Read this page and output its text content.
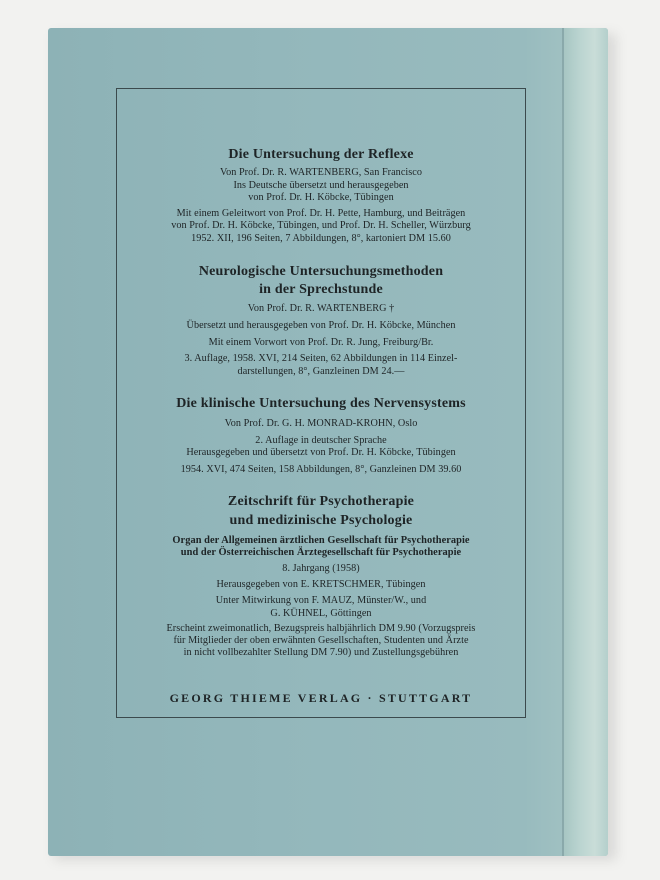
Die Untersuchung der Reflexe
Von Prof. Dr. R. WARTENBERG, San Francisco
Ins Deutsche übersetzt und herausgegeben
von Prof. Dr. H. Köbcke, Tübingen
Mit einem Geleitwort von Prof. Dr. H. Pette, Hamburg, und Beiträgen
von Prof. Dr. H. Köbcke, Tübingen, und Prof. Dr. H. Scheller, Würzburg
1952. XII, 196 Seiten, 7 Abbildungen, 8°, kartoniert DM 15.60
Neurologische Untersuchungsmethoden
in der Sprechstunde
Von Prof. Dr. R. WARTENBERG †
Übersetzt und herausgegeben von Prof. Dr. H. Köbcke, München
Mit einem Vorwort von Prof. Dr. R. Jung, Freiburg/Br.
3. Auflage, 1958. XVI, 214 Seiten, 62 Abbildungen in 114 Einzel-
darstellungen, 8°, Ganzleinen DM 24.—
Die klinische Untersuchung des Nervensystems
Von Prof. Dr. G. H. MONRAD-KROHN, Oslo
2. Auflage in deutscher Sprache
Herausgegeben und übersetzt von Prof. Dr. H. Köbcke, Tübingen
1954. XVI, 474 Seiten, 158 Abbildungen, 8°, Ganzleinen DM 39.60
Zeitschrift für Psychotherapie
und medizinische Psychologie
Organ der Allgemeinen ärztlichen Gesellschaft für Psychotherapie
und der Österreichischen Ärztegesellschaft für Psychotherapie
8. Jahrgang (1958)
Herausgegeben von E. KRETSCHMER, Tübingen
Unter Mitwirkung von F. MAUZ, Münster/W., und
G. KÜHNEL, Göttingen
Erscheint zweimonatlich, Bezugspreis halbjährlich DM 9.90 (Vorzugspreis
für Mitglieder der oben erwähnten Gesellschaften, Studenten und Ärzte
in nicht vollbezahlter Stellung DM 7.90) und Zustellungsgebühren
GEORG THIEME VERLAG · STUTTGART
